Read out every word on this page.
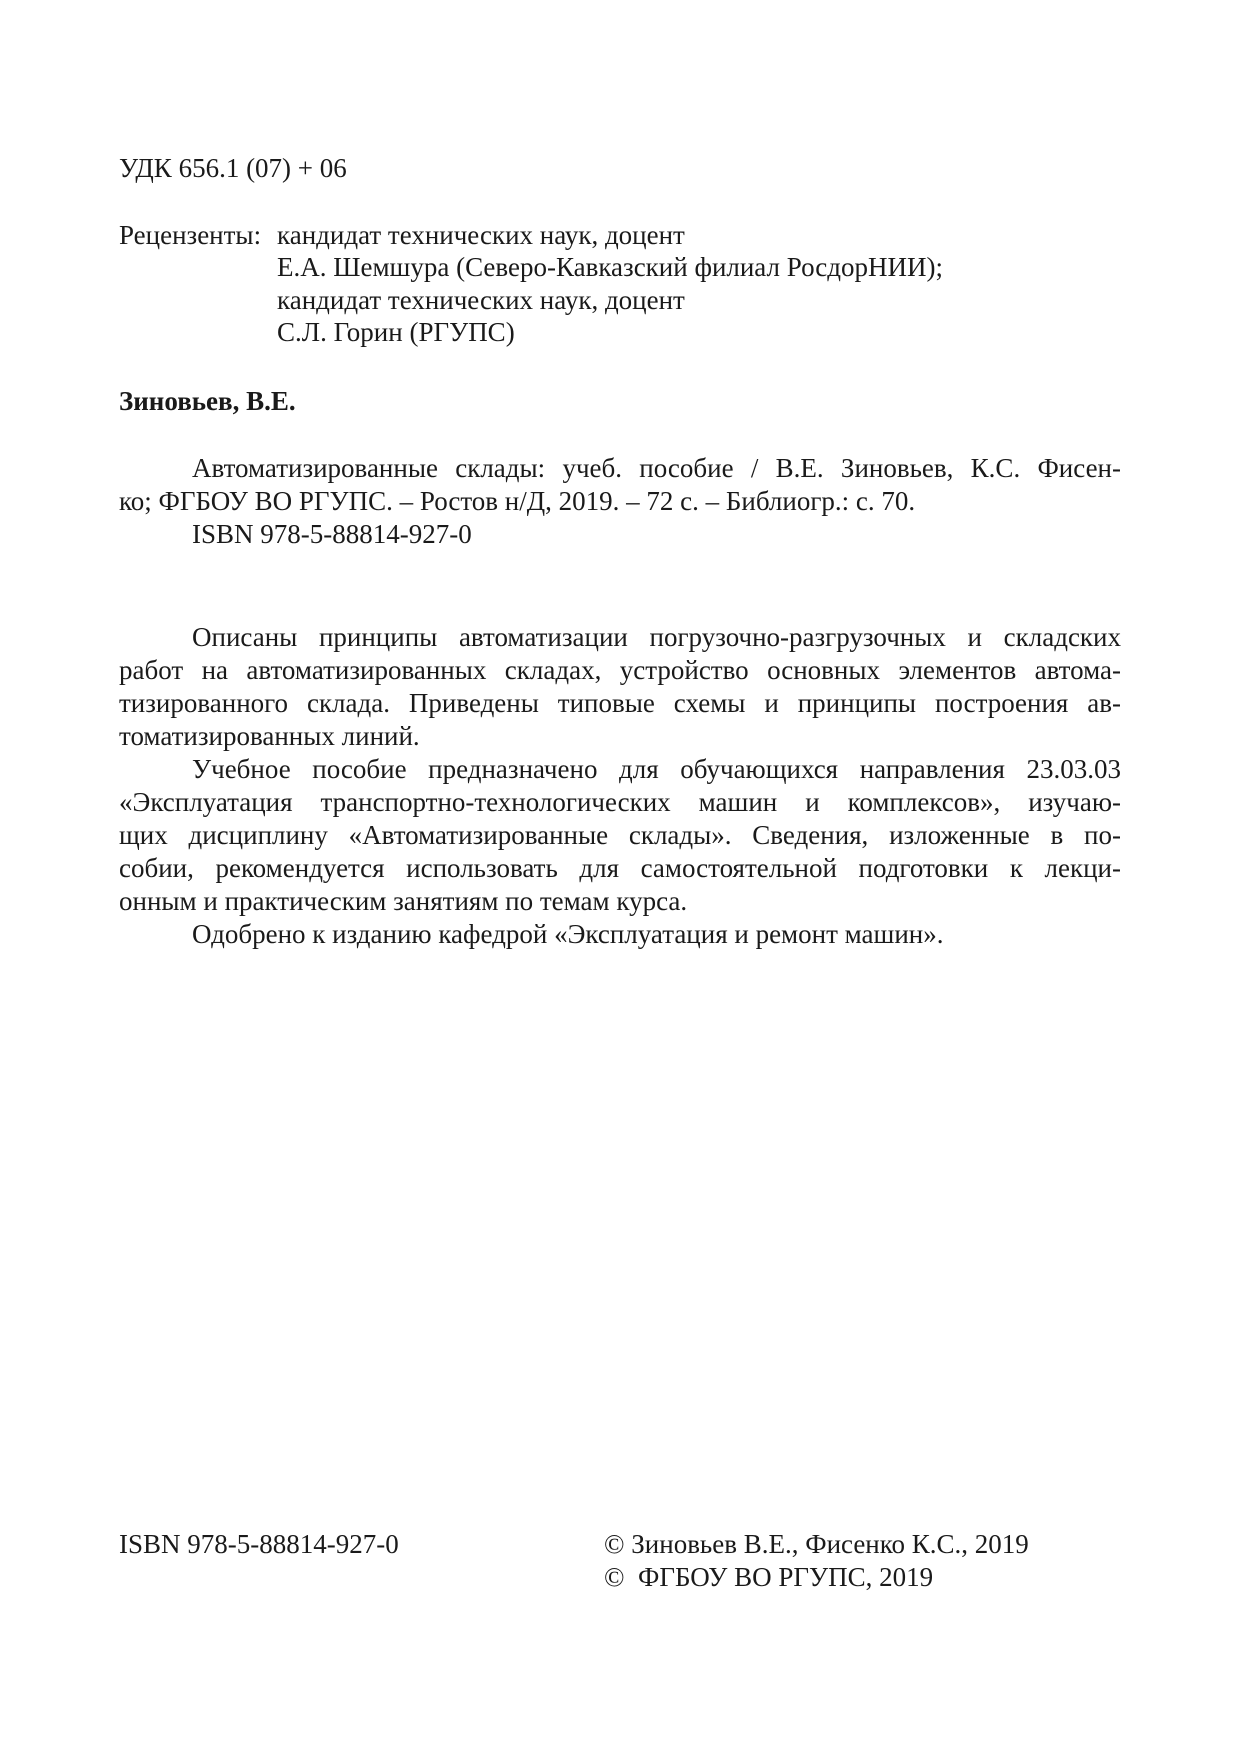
УДК 656.1 (07) + 06
Рецензенты: кандидат технических наук, доцент
Е.А. Шемшура (Северо-Кавказский филиал РосдорНИИ);
кандидат технических наук, доцент
С.Л. Горин (РГУПС)
Зиновьев, В.Е.
Автоматизированные склады: учеб. пособие / В.Е. Зиновьев, К.С. Фисен-
ко; ФГБОУ ВО РГУПС. – Ростов н/Д, 2019. – 72 с. – Библиогр.: с. 70.
ISBN 978-5-88814-927-0
Описаны принципы автоматизации погрузочно-разгрузочных и складских
работ на автоматизированных складах, устройство основных элементов автома-
тизированного склада. Приведены типовые схемы и принципы построения ав-
томатизированных линий.
Учебное пособие предназначено для обучающихся направления 23.03.03
«Эксплуатация транспортно-технологических машин и комплексов», изучаю-
щих дисциплину «Автоматизированные склады». Сведения, изложенные в по-
собии, рекомендуется использовать для самостоятельной подготовки к лекци-
онным и практическим занятиям по темам курса.
Одобрено к изданию кафедрой «Эксплуатация и ремонт машин».
ISBN 978-5-88814-927-0	© Зиновьев В.Е., Фисенко К.С., 2019
©  ФГБОУ ВО РГУПС, 2019
